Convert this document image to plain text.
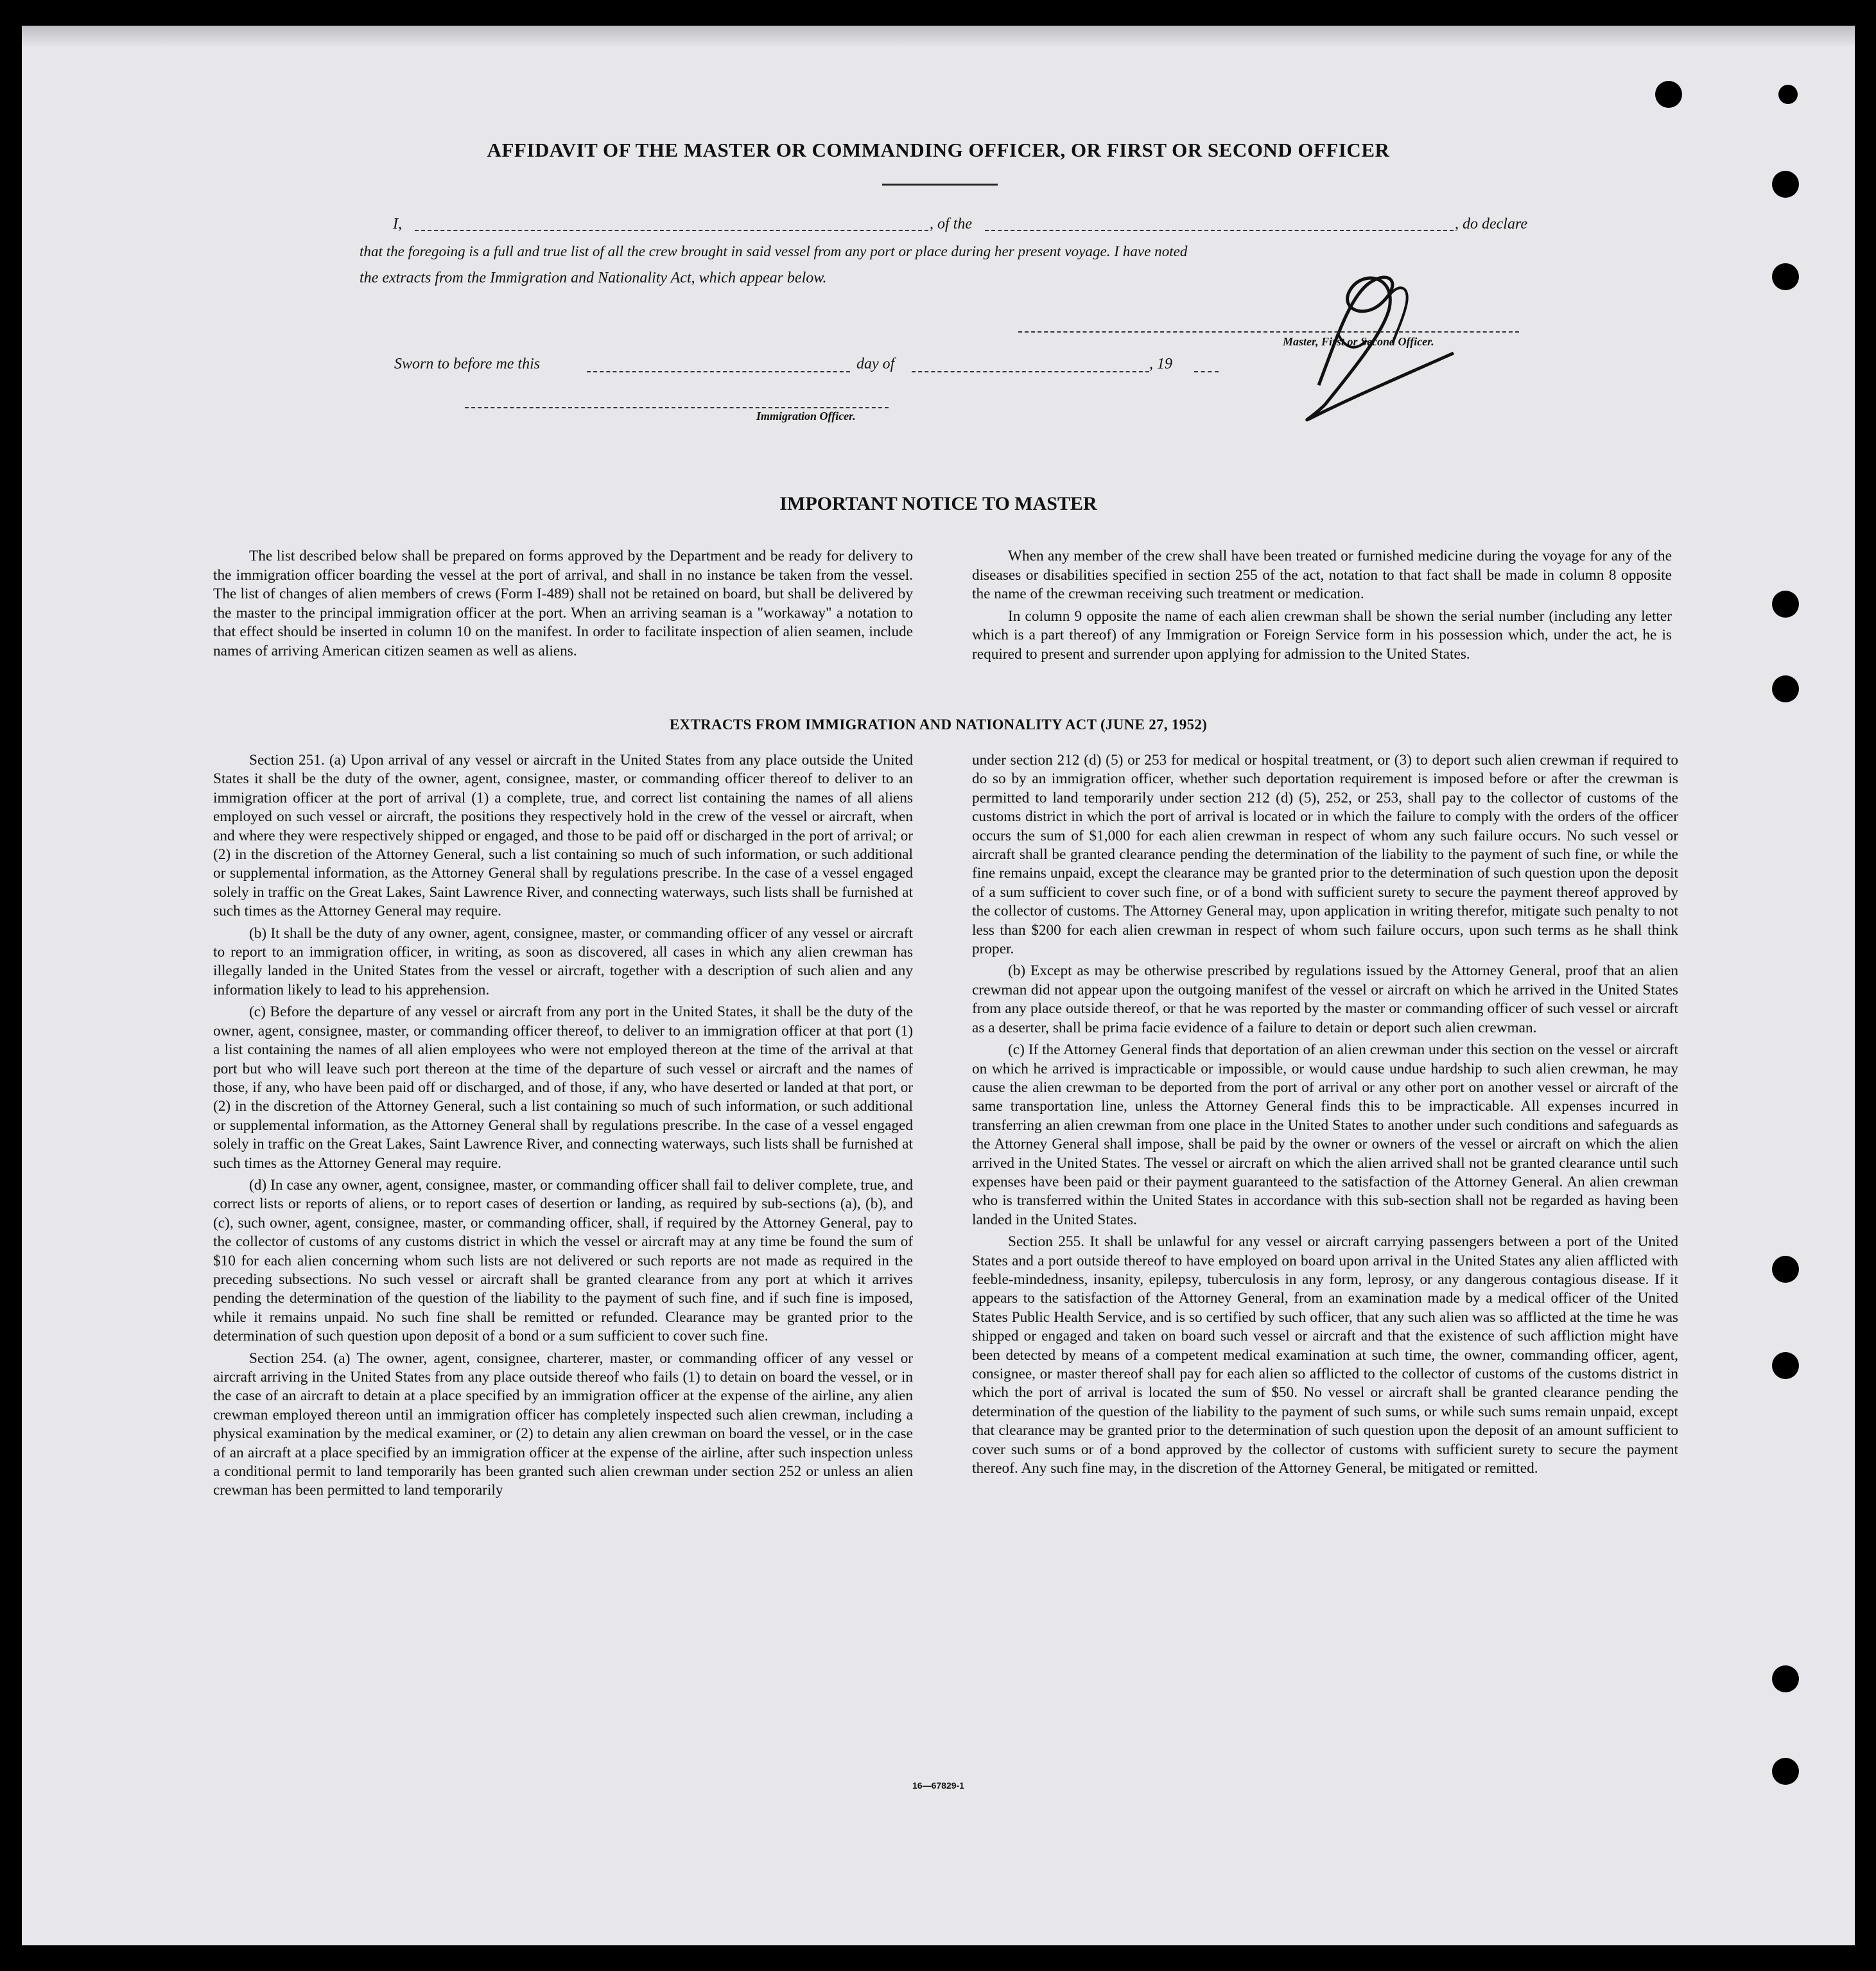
AFFIDAVIT OF THE MASTER OR COMMANDING OFFICER, OR FIRST OR SECOND OFFICER
I,	, of the	, do declare
that the foregoing is a full and true list of all the crew brought in said vessel from any port or place during her present voyage. I have noted
the extracts from the Immigration and Nationality Act, which appear below.
Master, First or Second Officer.
Sworn to before me this	day of	, 19
Immigration Officer.
IMPORTANT NOTICE TO MASTER

The list described below shall be prepared on forms approved by the Department and be ready for delivery to the immigration officer boarding the vessel at the port of arrival, and shall in no instance be taken from the vessel. The list of changes of alien members of crews (Form I-489) shall not be retained on board, but shall be delivered by the master to the principal immigration officer at the port. When an arriving seaman is a "workaway" a notation to that effect should be inserted in column 10 on the manifest. In order to facilitate inspection of alien seamen, include names of arriving American citizen seamen as well as aliens.

When any member of the crew shall have been treated or furnished medicine during the voyage for any of the diseases or disabilities specified in section 255 of the act, notation to that fact shall be made in column 8 opposite the name of the crewman receiving such treatment or medication.

In column 9 opposite the name of each alien crewman shall be shown the serial number (including any letter which is a part thereof) of any Immigration or Foreign Service form in his possession which, under the act, he is required to present and surrender upon applying for admission to the United States.

EXTRACTS FROM IMMIGRATION AND NATIONALITY ACT (JUNE 27, 1952)

Section 251. (a) Upon arrival of any vessel or aircraft in the United States from any place outside the United States it shall be the duty of the owner, agent, consignee, master, or commanding officer thereof to deliver to an immigration officer at the port of arrival (1) a complete, true, and correct list containing the names of all aliens employed on such vessel or aircraft, the positions they respectively hold in the crew of the vessel or aircraft, when and where they were respectively shipped or engaged, and those to be paid off or discharged in the port of arrival; or (2) in the discretion of the Attorney General, such a list containing so much of such information, or such additional or supplemental information, as the Attorney General shall by regulations prescribe. In the case of a vessel engaged solely in traffic on the Great Lakes, Saint Lawrence River, and connecting waterways, such lists shall be furnished at such times as the Attorney General may require.

(b) It shall be the duty of any owner, agent, consignee, master, or commanding officer of any vessel or aircraft to report to an immigration officer, in writing, as soon as discovered, all cases in which any alien crewman has illegally landed in the United States from the vessel or aircraft, together with a description of such alien and any information likely to lead to his apprehension.

(c) Before the departure of any vessel or aircraft from any port in the United States, it shall be the duty of the owner, agent, consignee, master, or commanding officer thereof, to deliver to an immigration officer at that port (1) a list containing the names of all alien employees who were not employed thereon at the time of the arrival at that port but who will leave such port thereon at the time of the departure of such vessel or aircraft and the names of those, if any, who have been paid off or discharged, and of those, if any, who have deserted or landed at that port, or (2) in the discretion of the Attorney General, such a list containing so much of such information, or such additional or supplemental information, as the Attorney General shall by regulations prescribe. In the case of a vessel engaged solely in traffic on the Great Lakes, Saint Lawrence River, and connecting waterways, such lists shall be furnished at such times as the Attorney General may require.

(d) In case any owner, agent, consignee, master, or commanding officer shall fail to deliver complete, true, and correct lists or reports of aliens, or to report cases of desertion or landing, as required by sub-sections (a), (b), and (c), such owner, agent, consignee, master, or commanding officer, shall, if required by the Attorney General, pay to the collector of customs of any customs district in which the vessel or aircraft may at any time be found the sum of $10 for each alien concerning whom such lists are not delivered or such reports are not made as required in the preceding subsections. No such vessel or aircraft shall be granted clearance from any port at which it arrives pending the determination of the question of the liability to the payment of such fine, and if such fine is imposed, while it remains unpaid. No such fine shall be remitted or refunded. Clearance may be granted prior to the determination of such question upon deposit of a bond or a sum sufficient to cover such fine.

Section 254. (a) The owner, agent, consignee, charterer, master, or commanding officer of any vessel or aircraft arriving in the United States from any place outside thereof who fails (1) to detain on board the vessel, or in the case of an aircraft to detain at a place specified by an immigration officer at the expense of the airline, any alien crewman employed thereon until an immigration officer has completely inspected such alien crewman, including a physical examination by the medical examiner, or (2) to detain any alien crewman on board the vessel, or in the case of an aircraft at a place specified by an immigration officer at the expense of the airline, after such inspection unless a conditional permit to land temporarily has been granted such alien crewman under section 252 or unless an alien crewman has been permitted to land temporarily

under section 212 (d) (5) or 253 for medical or hospital treatment, or (3) to deport such alien crewman if required to do so by an immigration officer, whether such deportation requirement is imposed before or after the crewman is permitted to land temporarily under section 212 (d) (5), 252, or 253, shall pay to the collector of customs of the customs district in which the port of arrival is located or in which the failure to comply with the orders of the officer occurs the sum of $1,000 for each alien crewman in respect of whom any such failure occurs. No such vessel or aircraft shall be granted clearance pending the determination of the liability to the payment of such fine, or while the fine remains unpaid, except the clearance may be granted prior to the determination of such question upon the deposit of a sum sufficient to cover such fine, or of a bond with sufficient surety to secure the payment thereof approved by the collector of customs. The Attorney General may, upon application in writing therefor, mitigate such penalty to not less than $200 for each alien crewman in respect of whom such failure occurs, upon such terms as he shall think proper.

(b) Except as may be otherwise prescribed by regulations issued by the Attorney General, proof that an alien crewman did not appear upon the outgoing manifest of the vessel or aircraft on which he arrived in the United States from any place outside thereof, or that he was reported by the master or commanding officer of such vessel or aircraft as a deserter, shall be prima facie evidence of a failure to detain or deport such alien crewman.

(c) If the Attorney General finds that deportation of an alien crewman under this section on the vessel or aircraft on which he arrived is impracticable or impossible, or would cause undue hardship to such alien crewman, he may cause the alien crewman to be deported from the port of arrival or any other port on another vessel or aircraft of the same transportation line, unless the Attorney General finds this to be impracticable. All expenses incurred in transferring an alien crewman from one place in the United States to another under such conditions and safeguards as the Attorney General shall impose, shall be paid by the owner or owners of the vessel or aircraft on which the alien arrived in the United States. The vessel or aircraft on which the alien arrived shall not be granted clearance until such expenses have been paid or their payment guaranteed to the satisfaction of the Attorney General. An alien crewman who is transferred within the United States in accordance with this sub-section shall not be regarded as having been landed in the United States.

Section 255. It shall be unlawful for any vessel or aircraft carrying passengers between a port of the United States and a port outside thereof to have employed on board upon arrival in the United States any alien afflicted with feeble-mindedness, insanity, epilepsy, tuberculosis in any form, leprosy, or any dangerous contagious disease. If it appears to the satisfaction of the Attorney General, from an examination made by a medical officer of the United States Public Health Service, and is so certified by such officer, that any such alien was so afflicted at the time he was shipped or engaged and taken on board such vessel or aircraft and that the existence of such affliction might have been detected by means of a competent medical examination at such time, the owner, commanding officer, agent, consignee, or master thereof shall pay for each alien so afflicted to the collector of customs of the customs district in which the port of arrival is located the sum of $50. No vessel or aircraft shall be granted clearance pending the determination of the question of the liability to the payment of such sums, or while such sums remain unpaid, except that clearance may be granted prior to the determination of such question upon the deposit of an amount sufficient to cover such sums or of a bond approved by the collector of customs with sufficient surety to secure the payment thereof. Any such fine may, in the discretion of the Attorney General, be mitigated or remitted.

16—67829-1
